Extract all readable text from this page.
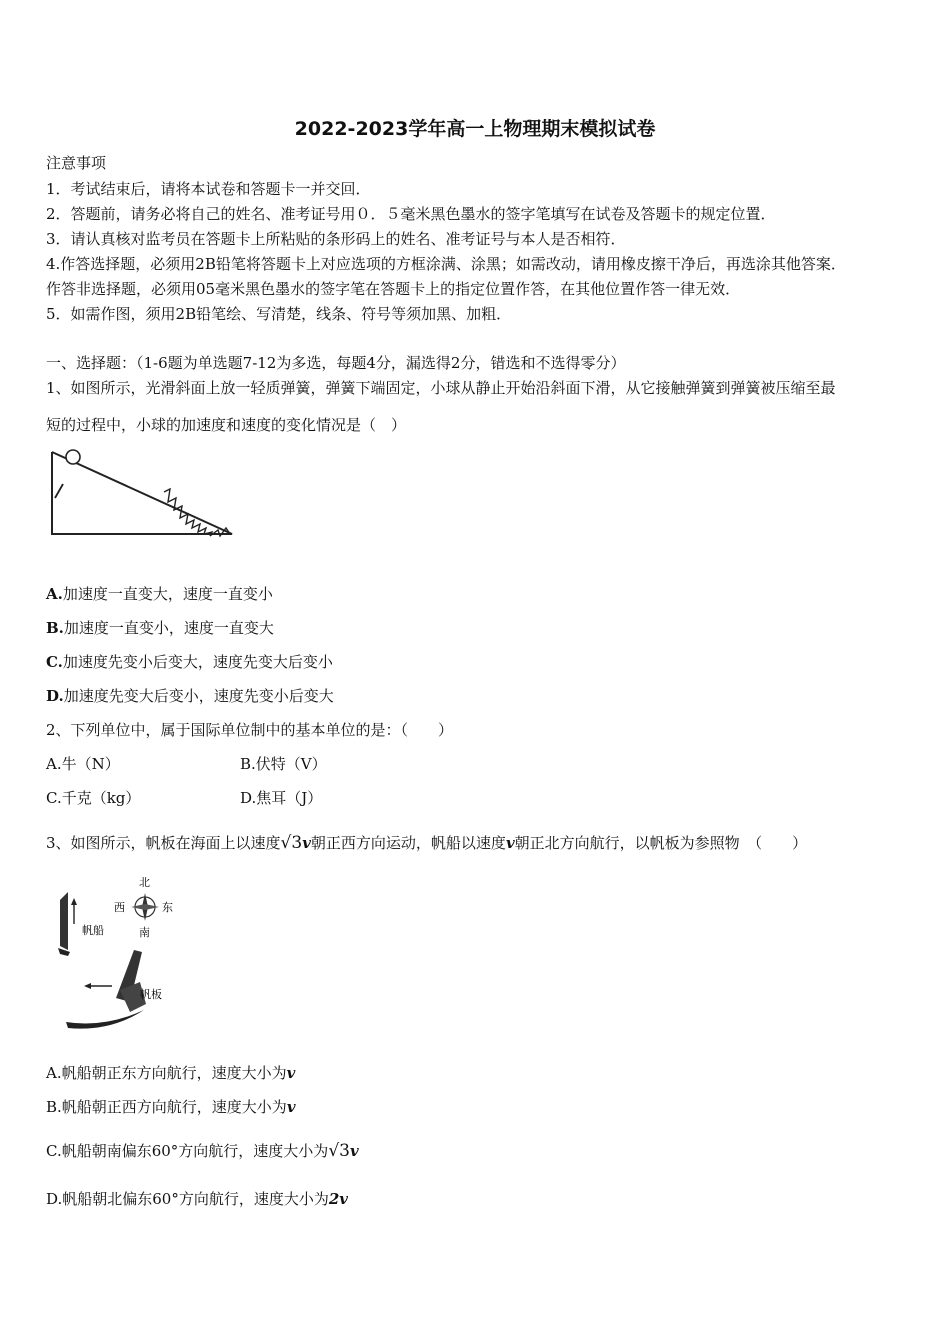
2022-2023学年高一上物理期末模拟试卷
注意事项
1．考试结束后，请将本试卷和答题卡一并交回．
2．答题前，请务必将自己的姓名、准考证号用０．５毫米黑色墨水的签字笔填写在试卷及答题卡的规定位置．
3．请认真核对监考员在答题卡上所粘贴的条形码上的姓名、准考证号与本人是否相符．
4.作答选择题，必须用2B铅笔将答题卡上对应选项的方框涂满、涂黑；如需改动，请用橡皮擦干净后，再选涂其他答案．
作答非选择题，必须用05毫米黑色墨水的签字笔在答题卡上的指定位置作答，在其他位置作答一律无效．
5．如需作图，须用2B铅笔绘、写清楚，线条、符号等须加黑、加粗．
一、选择题：（1-6题为单选题7-12为多选，每题4分，漏选得2分，错选和不选得零分）
1、如图所示，光滑斜面上放一轻质弹簧，弹簧下端固定，小球从静止开始沿斜面下滑，从它接触弹簧到弹簧被压缩至最
短的过程中，小球的加速度和速度的变化情况是（　）
A.加速度一直变大，速度一直变小
B.加速度一直变小，速度一直变大
C.加速度先变小后变大，速度先变大后变小
D.加速度先变大后变小，速度先变小后变大
2、下列单位中，属于国际单位制中的基本单位的是：（　　）
A.牛（N）	B.伏特（V）
C.千克（kg）	D.焦耳（J）
3、如图所示，帆板在海面上以速度√3v朝正西方向运动，帆船以速度v朝正北方向航行，以帆板为参照物　（　　）
北
南
西	东
帆船
帆板
A.帆船朝正东方向航行，速度大小为v
B.帆船朝正西方向航行，速度大小为v
C.帆船朝南偏东60°方向航行，速度大小为√3v
D.帆船朝北偏东60°方向航行，速度大小为2v
